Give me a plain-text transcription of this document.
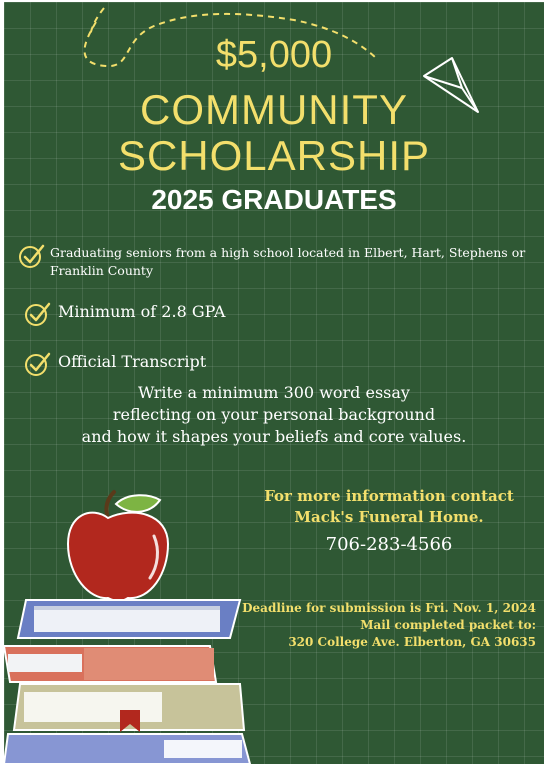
$5,000
COMMUNITY
SCHOLARSHIP
2025 GRADUATES
Graduating seniors from a high school located in Elbert, Hart, Stephens or Franklin County
Minimum of 2.8 GPA
Official Transcript
Write a minimum 300 word essay
reflecting on your personal background
and how it shapes your beliefs and core values.
For more information contact
Mack's Funeral Home.
706-283-4566
Deadline for submission is Fri. Nov. 1, 2024
Mail completed packet to:
320 College Ave. Elberton, GA 30635
